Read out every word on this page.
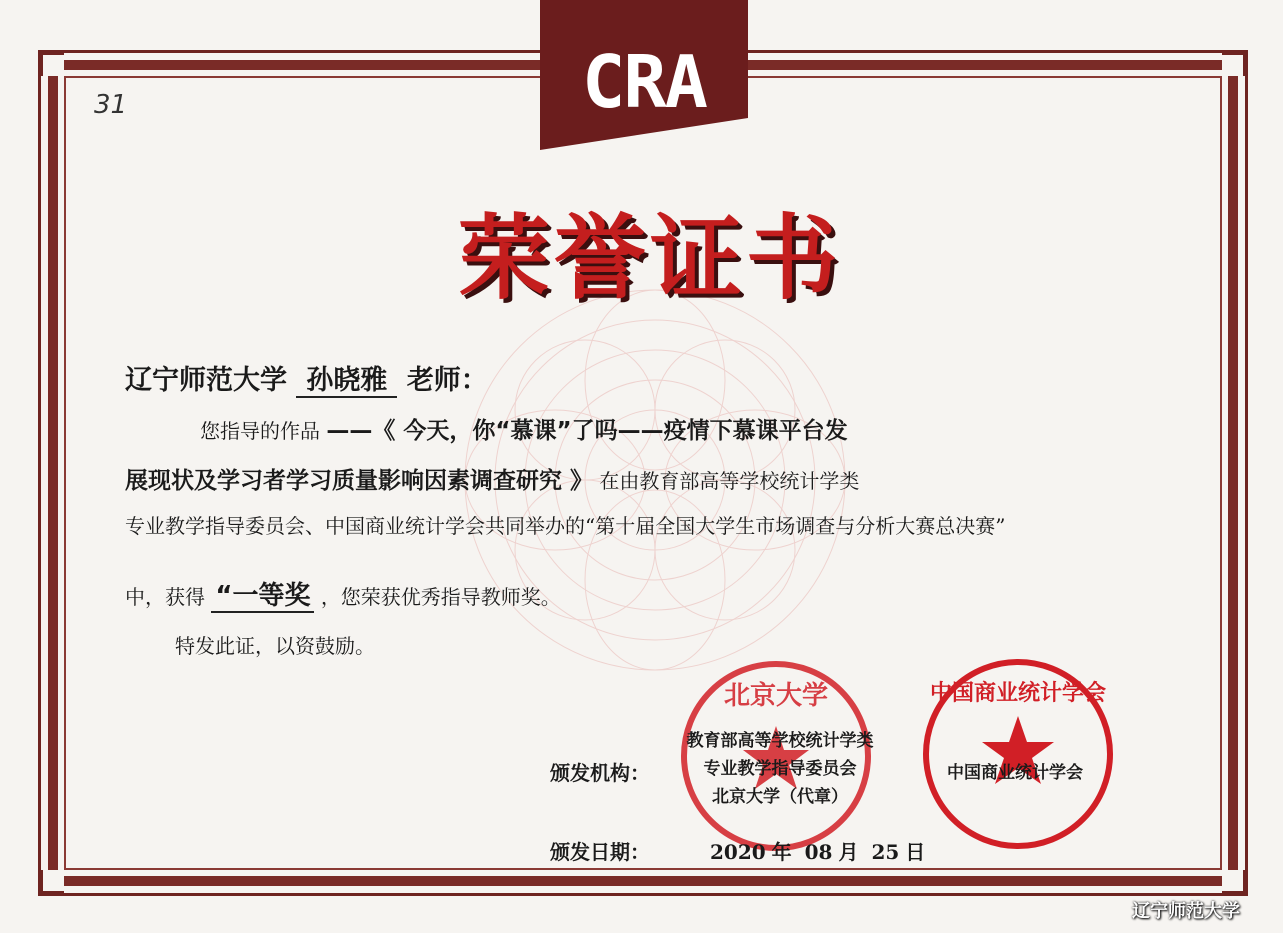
CRA
31
荣誉证书
辽宁师范大学 孙晓雅 老师：
您指导的作品 ——《 今天，你“慕课”了吗——疫情下慕课平台发
展现状及学习者学习质量影响因素调查研究 》 在由教育部高等学校统计学类
专业教学指导委员会、中国商业统计学会共同举办的“第十届全国大学生市场调查与分析大赛总决赛”
中，获得 “一等奖 ，您荣获优秀指导教师奖。
特发此证，以资鼓励。
北京大学	中国商业统计学会
颁发机构：
教育部高等学校统计学类
专业教学指导委员会
北京大学（代章）
中国商业统计学会
颁发日期：	2020 年 08 月 25 日
辽宁师范大学
